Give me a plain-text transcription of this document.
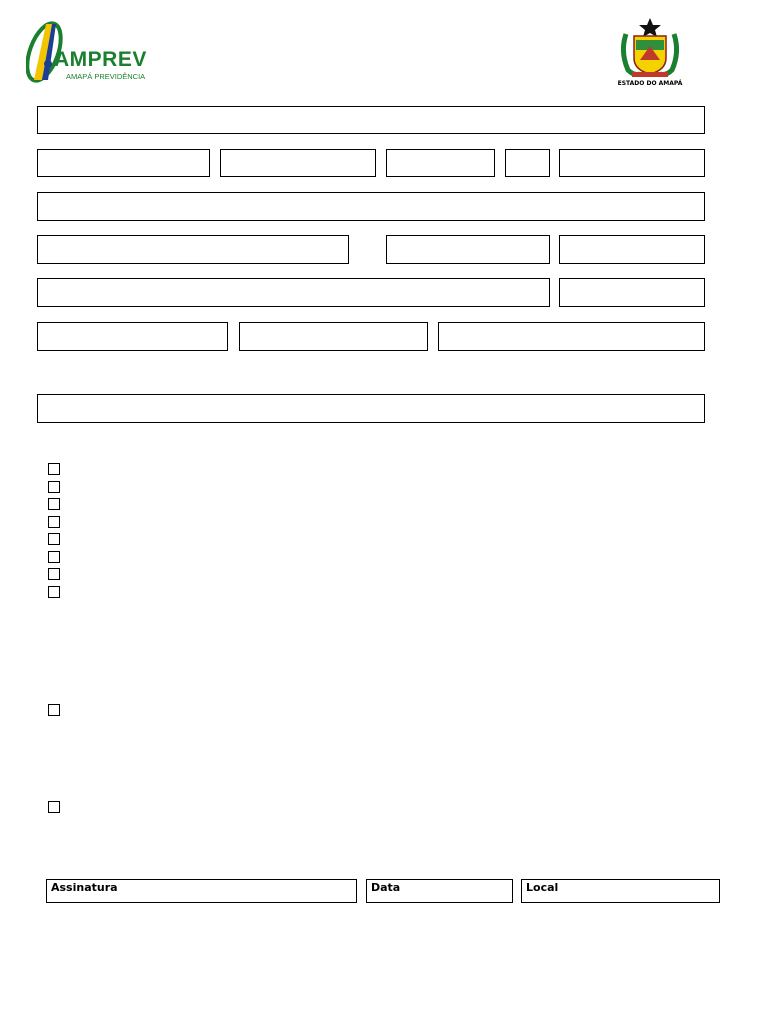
AMPREV
AMAPÁ PREVIDÊNCIA
ESTADO DO AMAPÁ
Assinatura	Data	Local
